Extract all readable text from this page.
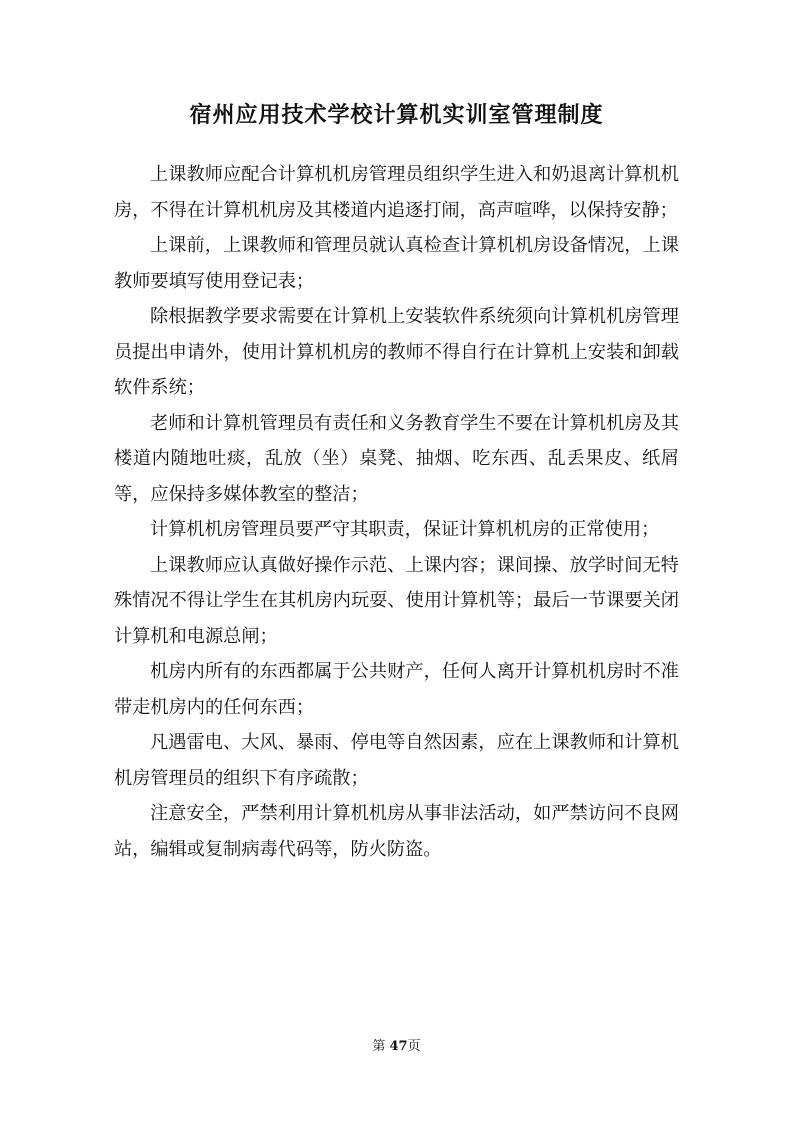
宿州应用技术学校计算机实训室管理制度

上课教师应配合计算机机房管理员组织学生进入和奶退离计算机机房，不得在计算机机房及其楼道内追逐打闹，高声喧哗，以保持安静；

上课前，上课教师和管理员就认真检查计算机机房设备情况，上课教师要填写使用登记表；

除根据教学要求需要在计算机上安装软件系统须向计算机机房管理员提出申请外，使用计算机机房的教师不得自行在计算机上安装和卸载软件系统；

老师和计算机管理员有责任和义务教育学生不要在计算机机房及其楼道内随地吐痰，乱放（坐）桌凳、抽烟、吃东西、乱丢果皮、纸屑等，应保持多媒体教室的整洁；

计算机机房管理员要严守其职责，保证计算机机房的正常使用；

上课教师应认真做好操作示范、上课内容；课间操、放学时间无特殊情况不得让学生在其机房内玩耍、使用计算机等；最后一节课要关闭计算机和电源总闸；

机房内所有的东西都属于公共财产，任何人离开计算机机房时不准带走机房内的任何东西；

凡遇雷电、大风、暴雨、停电等自然因素，应在上课教师和计算机机房管理员的组织下有序疏散；

注意安全，严禁利用计算机机房从事非法活动，如严禁访问不良网站，编辑或复制病毒代码等，防火防盗。

第 47页
